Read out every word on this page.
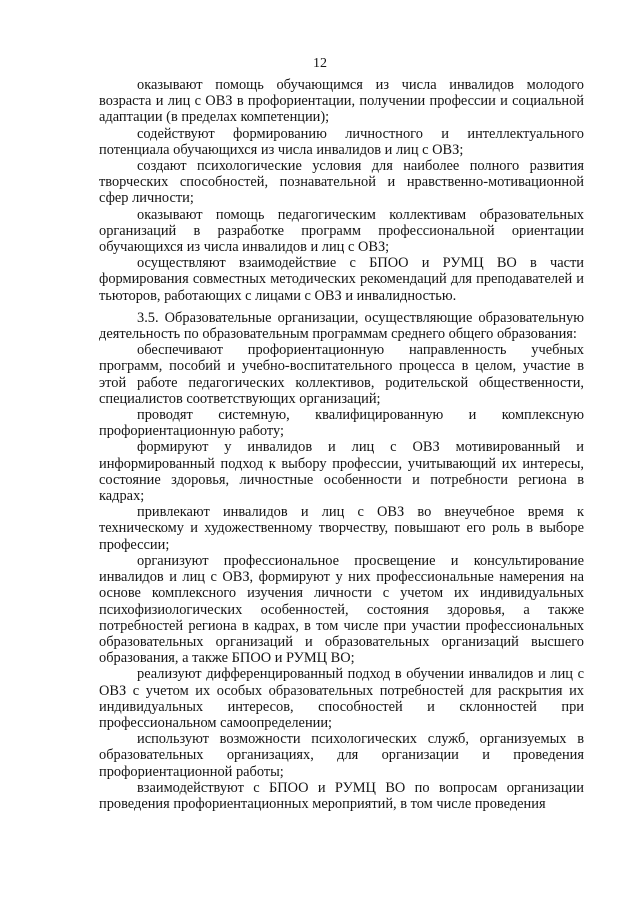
12

оказывают помощь обучающимся из числа инвалидов молодого возраста и лиц с ОВЗ в профориентации, получении профессии и социальной адаптации (в пределах компетенции);

содействуют формированию личностного и интеллектуального потенциала обучающихся из числа инвалидов и лиц с ОВЗ;

создают психологические условия для наиболее полного развития творческих способностей, познавательной и нравственно-мотивационной сфер личности;

оказывают помощь педагогическим коллективам образовательных организаций в разработке программ профессиональной ориентации обучающихся из числа инвалидов и лиц с ОВЗ;

осуществляют взаимодействие с БПОО и РУМЦ ВО в части формирования совместных методических рекомендаций для преподавателей и тьюторов, работающих с лицами с ОВЗ и инвалидностью.

3.5. Образовательные организации, осуществляющие образовательную деятельность по образовательным программам среднего общего образования:

обеспечивают профориентационную направленность учебных программ, пособий и учебно-воспитательного процесса в целом, участие в этой работе педагогических коллективов, родительской общественности, специалистов соответствующих организаций;

проводят системную, квалифицированную и комплексную профориентационную работу;

формируют у инвалидов и лиц с ОВЗ мотивированный и информированный подход к выбору профессии, учитывающий их интересы, состояние здоровья, личностные особенности и потребности региона в кадрах;

привлекают инвалидов и лиц с ОВЗ во внеучебное время к техническому и художественному творчеству, повышают его роль в выборе профессии;

организуют профессиональное просвещение и консультирование инвалидов и лиц с ОВЗ, формируют у них профессиональные намерения на основе комплексного изучения личности с учетом их индивидуальных психофизиологических особенностей, состояния здоровья, а также потребностей региона в кадрах, в том числе при участии профессиональных образовательных организаций и образовательных организаций высшего образования, а также БПОО и РУМЦ ВО;

реализуют дифференцированный подход в обучении инвалидов и лиц с ОВЗ с учетом их особых образовательных потребностей для раскрытия их индивидуальных интересов, способностей и склонностей при профессиональном самоопределении;

используют возможности психологических служб, организуемых в образовательных организациях, для организации и проведения профориентационной работы;

взаимодействуют с БПОО и РУМЦ ВО по вопросам организации проведения профориентационных мероприятий, в том числе проведения
